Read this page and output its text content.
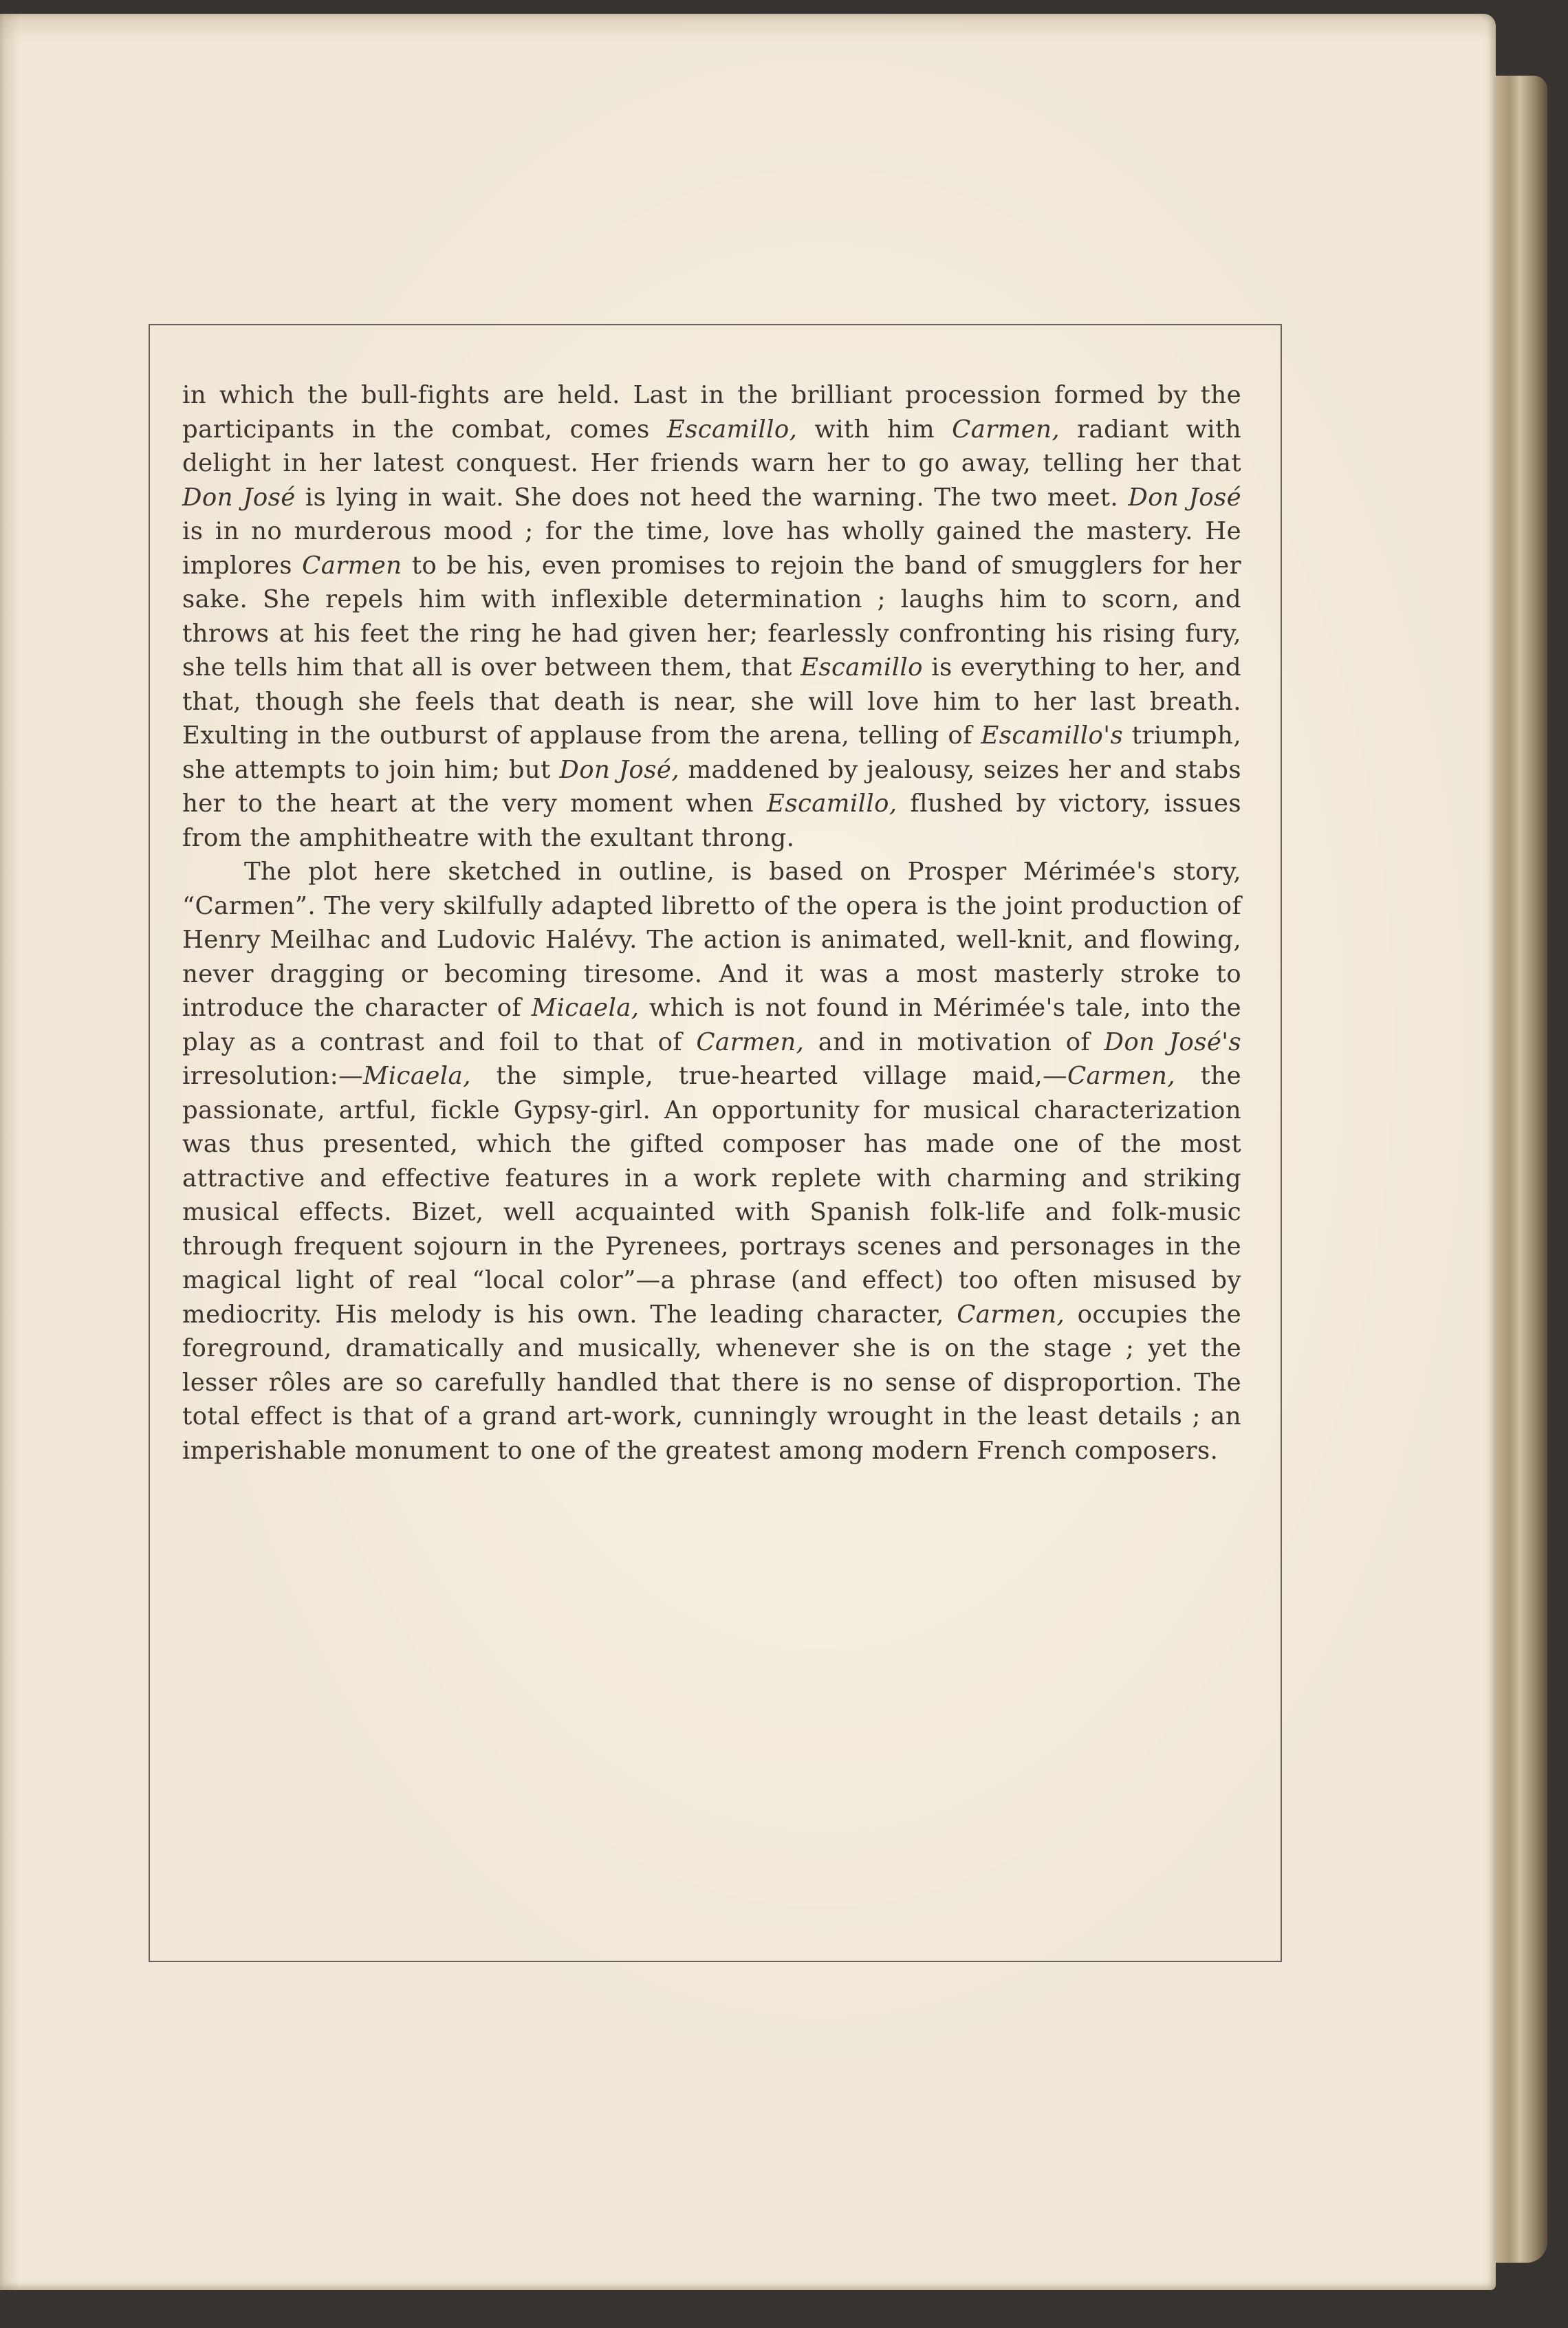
in which the bull-fights are held. Last in the brilliant procession formed by the participants in the combat, comes Escamillo, with him Carmen, radiant with delight in her latest conquest. Her friends warn her to go away, telling her that Don José is lying in wait. She does not heed the warning. The two meet. Don José is in no murderous mood ; for the time, love has wholly gained the mastery. He implores Carmen to be his, even promises to rejoin the band of smugglers for her sake. She repels him with inflexible determination ; laughs him to scorn, and throws at his feet the ring he had given her; fearlessly confronting his rising fury, she tells him that all is over between them, that Escamillo is everything to her, and that, though she feels that death is near, she will love him to her last breath. Exulting in the outburst of applause from the arena, telling of Escamillo's triumph, she attempts to join him; but Don José, maddened by jealousy, seizes her and stabs her to the heart at the very moment when Escamillo, flushed by victory, issues from the amphitheatre with the exultant throng.

The plot here sketched in outline, is based on Prosper Mérimée's story, “Carmen”. The very skilfully adapted libretto of the opera is the joint production of Henry Meilhac and Ludovic Halévy. The action is animated, well-knit, and flowing, never dragging or becoming tiresome. And it was a most masterly stroke to introduce the character of Micaela, which is not found in Mérimée's tale, into the play as a contrast and foil to that of Carmen, and in motivation of Don José's irresolution:—Micaela, the simple, true-hearted village maid,—Carmen, the passionate, artful, fickle Gypsy-girl. An opportunity for musical characterization was thus presented, which the gifted composer has made one of the most attractive and effective features in a work replete with charming and striking musical effects. Bizet, well acquainted with Spanish folk-life and folk-music through frequent sojourn in the Pyrenees, portrays scenes and personages in the magical light of real “local color”—a phrase (and effect) too often misused by mediocrity. His melody is his own. The leading character, Carmen, occupies the foreground, dramatically and musically, whenever she is on the stage ; yet the lesser rôles are so carefully handled that there is no sense of disproportion. The total effect is that of a grand art-work, cunningly wrought in the least details ; an imperishable monument to one of the greatest among modern French composers.
